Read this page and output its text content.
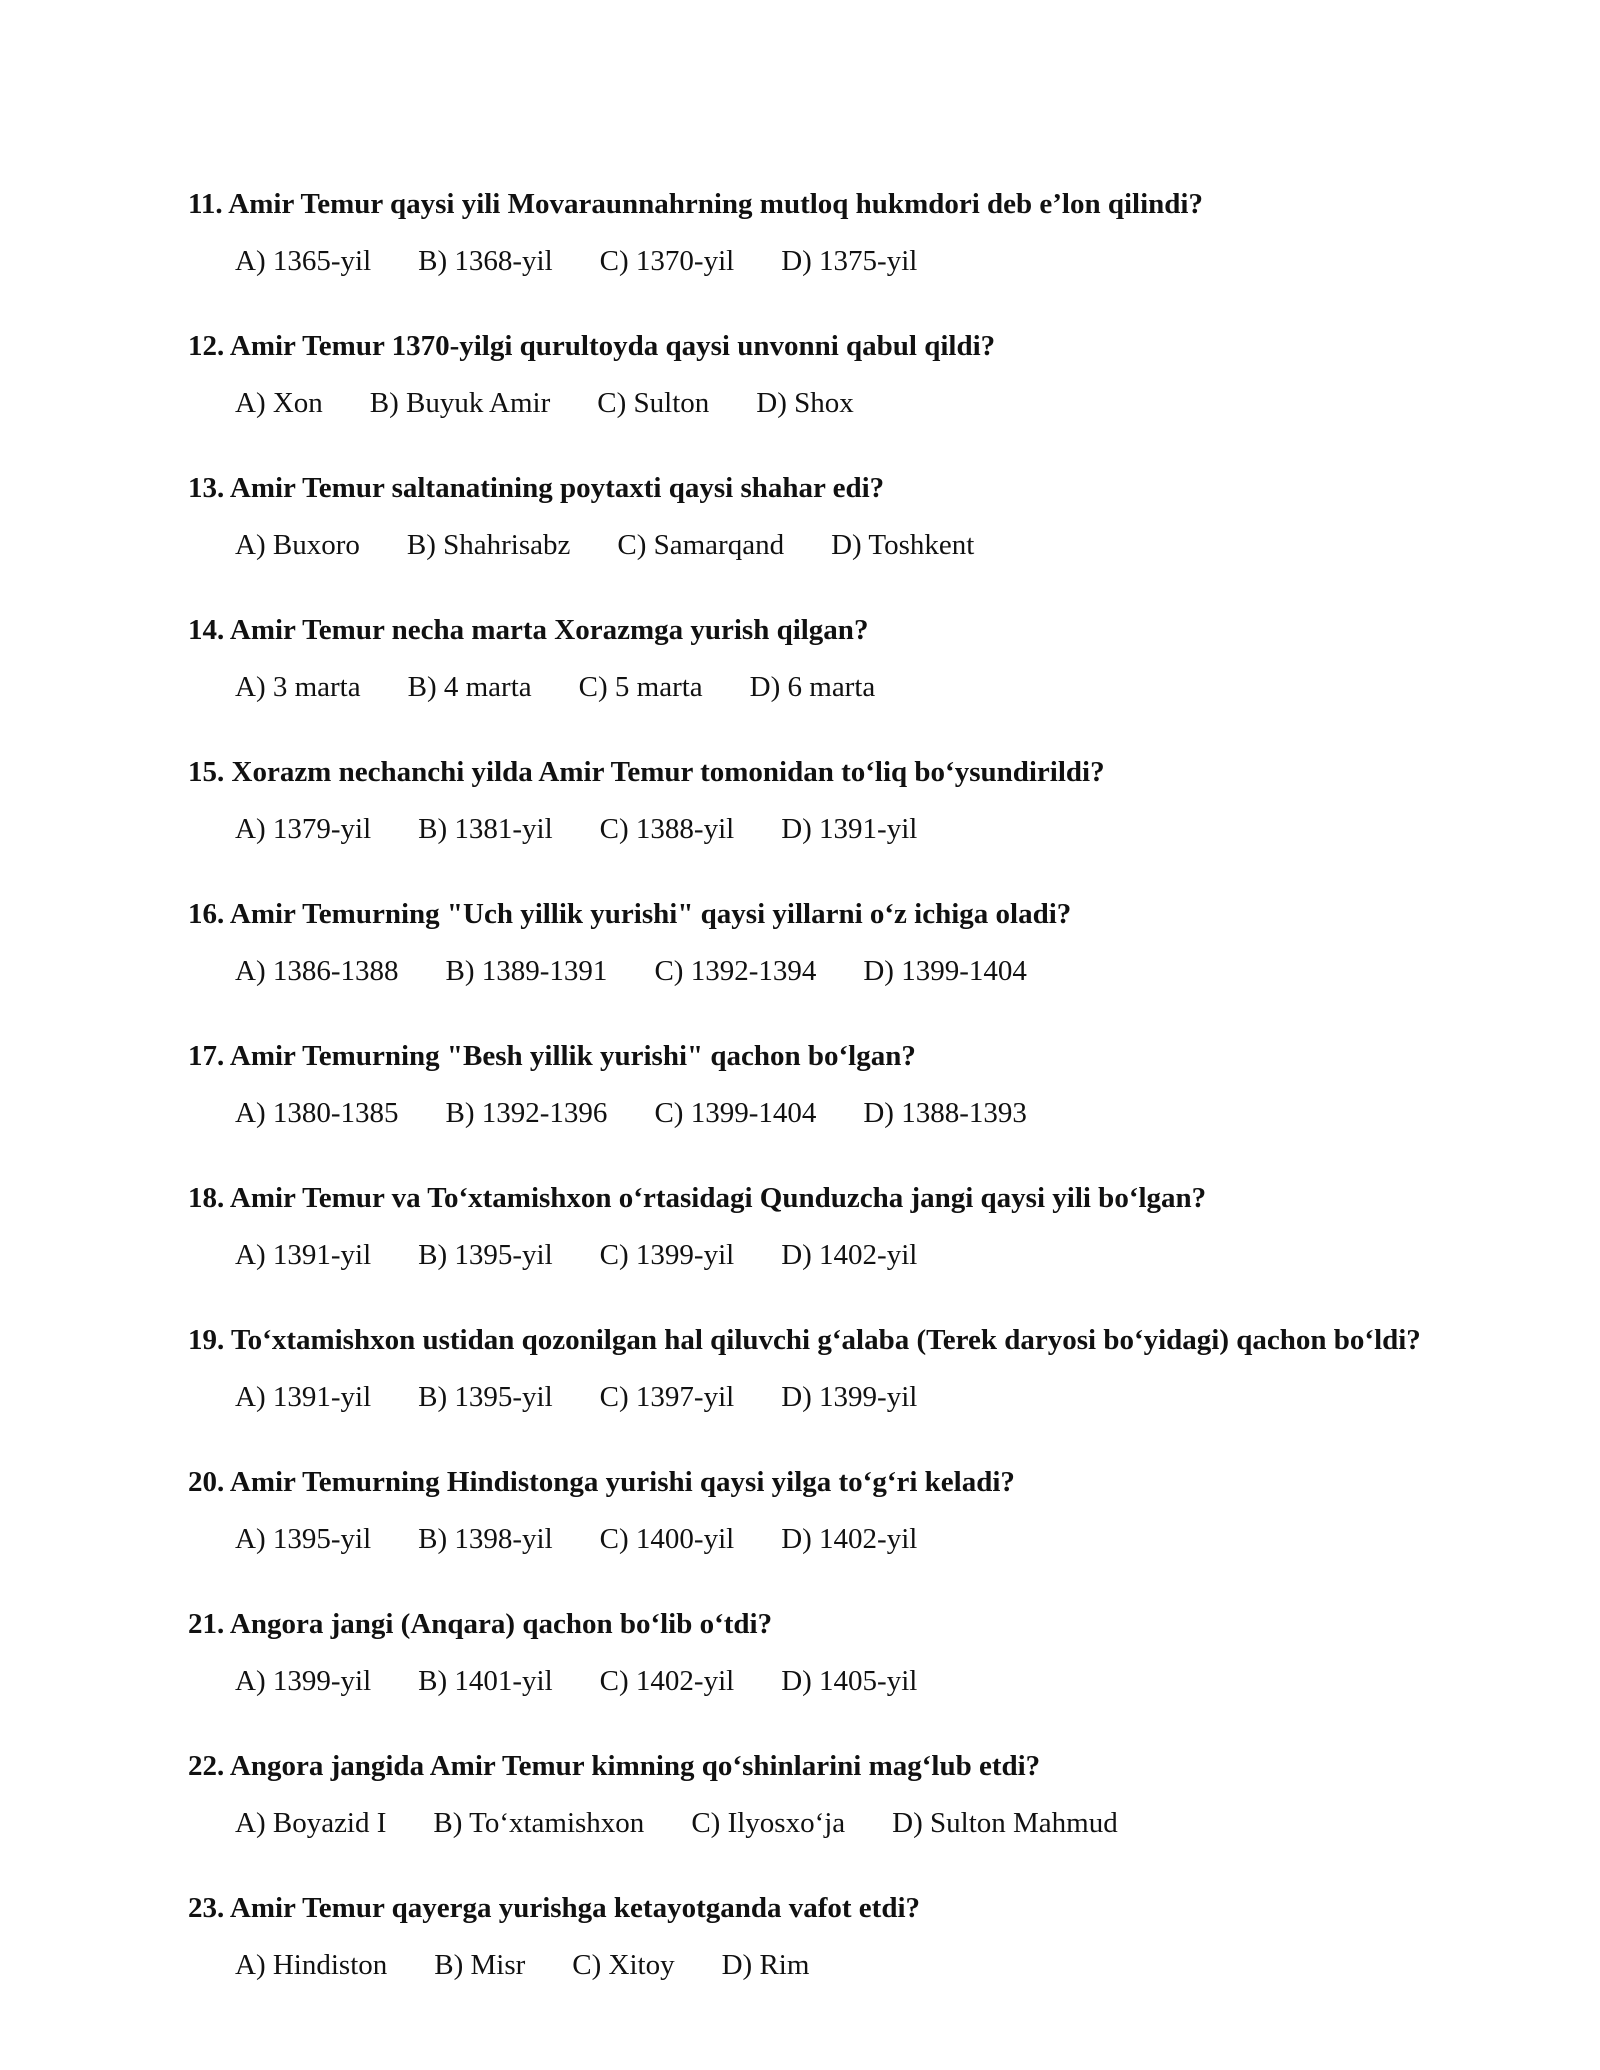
11. Amir Temur qaysi yili Movaraunnahrning mutloq hukmdori deb e’lon qilindi?
A) 1365-yil B) 1368-yil C) 1370-yil D) 1375-yil
12. Amir Temur 1370-yilgi qurultoyda qaysi unvonni qabul qildi?
A) Xon B) Buyuk Amir C) Sulton D) Shox
13. Amir Temur saltanatining poytaxti qaysi shahar edi?
A) Buxoro B) Shahrisabz C) Samarqand D) Toshkent
14. Amir Temur necha marta Xorazmga yurish qilgan?
A) 3 marta B) 4 marta C) 5 marta D) 6 marta
15. Xorazm nechanchi yilda Amir Temur tomonidan to‘liq bo‘ysundirildi?
A) 1379-yil B) 1381-yil C) 1388-yil D) 1391-yil
16. Amir Temurning "Uch yillik yurishi" qaysi yillarni o‘z ichiga oladi?
A) 1386-1388 B) 1389-1391 C) 1392-1394 D) 1399-1404
17. Amir Temurning "Besh yillik yurishi" qachon bo‘lgan?
A) 1380-1385 B) 1392-1396 C) 1399-1404 D) 1388-1393
18. Amir Temur va To‘xtamishxon o‘rtasidagi Qunduzcha jangi qaysi yili bo‘lgan?
A) 1391-yil B) 1395-yil C) 1399-yil D) 1402-yil
19. To‘xtamishxon ustidan qozonilgan hal qiluvchi g‘alaba (Terek daryosi bo‘yidagi) qachon bo‘ldi?
A) 1391-yil B) 1395-yil C) 1397-yil D) 1399-yil
20. Amir Temurning Hindistonga yurishi qaysi yilga to‘g‘ri keladi?
A) 1395-yil B) 1398-yil C) 1400-yil D) 1402-yil
21. Angora jangi (Anqara) qachon bo‘lib o‘tdi?
A) 1399-yil B) 1401-yil C) 1402-yil D) 1405-yil
22. Angora jangida Amir Temur kimning qo‘shinlarini mag‘lub etdi?
A) Boyazid I B) To‘xtamishxon C) Ilyosxo‘ja D) Sulton Mahmud
23. Amir Temur qayerga yurishga ketayotganda vafot etdi?
A) Hindiston B) Misr C) Xitoy D) Rim
